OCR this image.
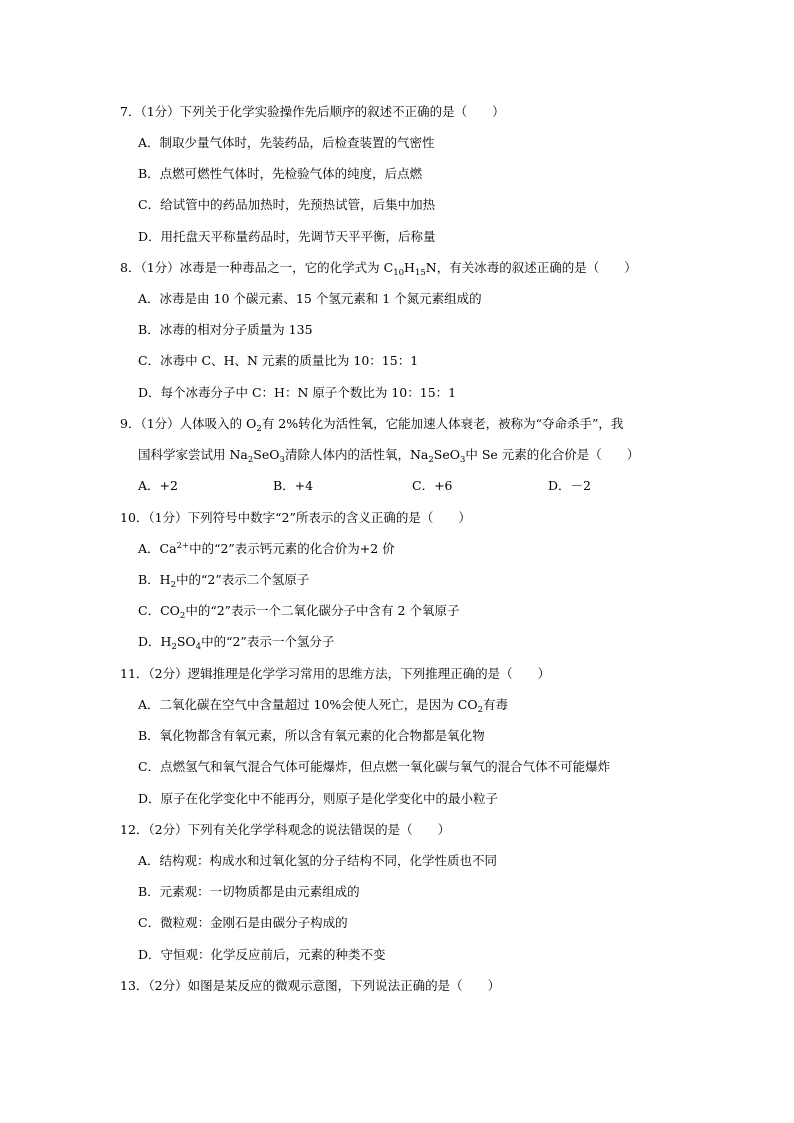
7．（1分）下列关于化学实验操作先后顺序的叙述不正确的是（　　）
A．制取少量气体时，先装药品，后检查装置的气密性
B．点燃可燃性气体时，先检验气体的纯度，后点燃
C．给试管中的药品加热时，先预热试管，后集中加热
D．用托盘天平称量药品时，先调节天平平衡，后称量
8．（1分）冰毒是一种毒品之一，它的化学式为 $C_{10}H_{15}N$，有关冰毒的叙述正确的是（　　）
A．冰毒是由 10 个碳元素、15 个氢元素和 1 个氮元素组成的
B．冰毒的相对分子质量为 135
C．冰毒中 C、H、N 元素的质量比为 10：15：1
D．每个冰毒分子中 C：H：N 原子个数比为 10：15：1
9．（1分）人体吸入的 $O_2$有 2%转化为活性氧，它能加速人体衰老，被称为“夺命杀手”，我
国科学家尝试用 $Na_2SeO_3$清除人体内的活性氧，$Na_2SeO_3$中 Se 元素的化合价是（　　）
A．+2	B．+4	C．+6	D．－2
10．（1分）下列符号中数字“2”所表示的含义正确的是（　　）
A．$Ca^{2+}$中的“2”表示钙元素的化合价为+2 价
B．$H_2$中的“2”表示二个氢原子
C．$CO_2$中的“2”表示一个二氧化碳分子中含有 2 个氧原子
D．$H_2SO_4$中的“2”表示一个氢分子
11．（2分）逻辑推理是化学学习常用的思维方法，下列推理正确的是（　　）
A．二氧化碳在空气中含量超过 10%会使人死亡，是因为 $CO_2$有毒
B．氧化物都含有氧元素，所以含有氧元素的化合物都是氧化物
C．点燃氢气和氧气混合气体可能爆炸，但点燃一氧化碳与氧气的混合气体不可能爆炸
D．原子在化学变化中不能再分，则原子是化学变化中的最小粒子
12．（2分）下列有关化学学科观念的说法错误的是（　　）
A．结构观：构成水和过氧化氢的分子结构不同，化学性质也不同
B．元素观：一切物质都是由元素组成的
C．微粒观：金刚石是由碳分子构成的
D．守恒观：化学反应前后，元素的种类不变
13．（2分）如图是某反应的微观示意图，下列说法正确的是（　　）
